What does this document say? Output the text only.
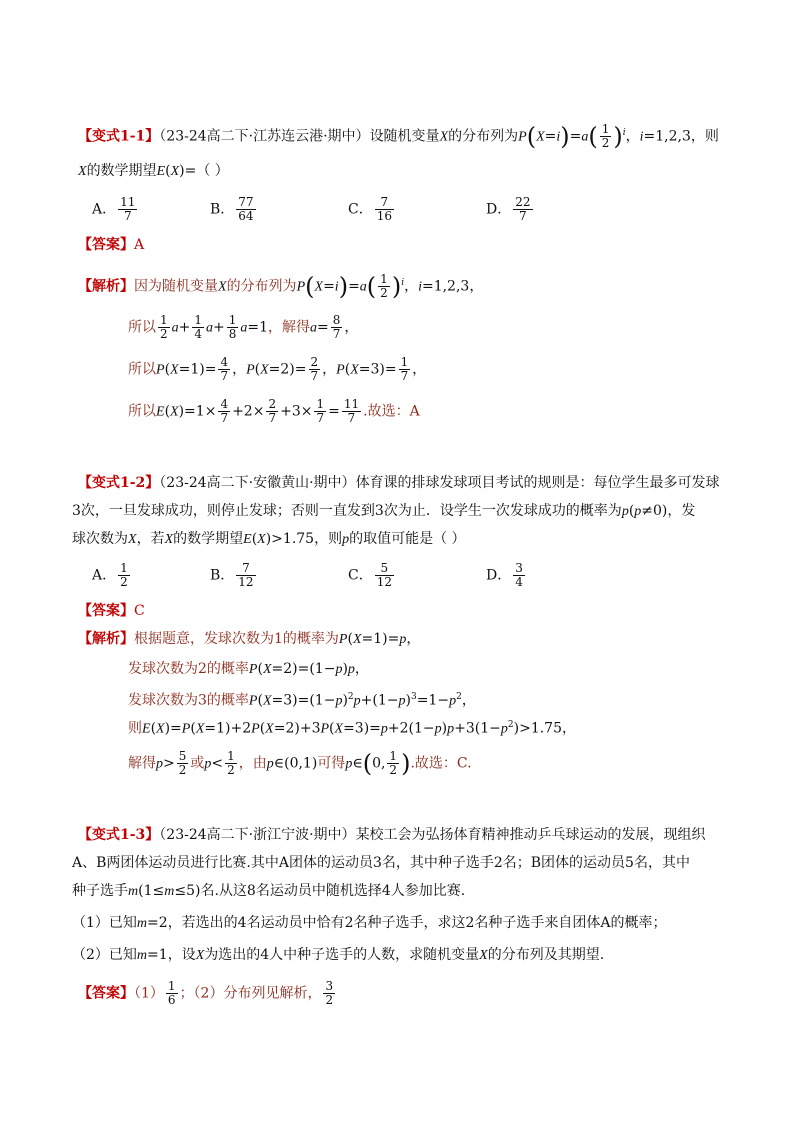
【变式1-1】（23-24高二下·江苏连云港·期中）设随机变量X的分布列为$P(X=i)=a( \frac{1}{2} )^i$，i=1,2,3，则
X的数学期望E(X)=（ ）
A． $\frac{11}{7}$	B． $\frac{77}{64}$	C． $\frac{7}{16}$	D． $\frac{22}{7}$
【答案】A
【解析】因为随机变量X的分布列为$P(X=i)=a( \frac{1}{2} )^i$，i=1,2,3，
所以 $\frac{1}{2} a+ \frac{1}{4} a+ \frac{1}{8} a=1$，解得$a= \frac{8}{7}$ ，
所以$P(X=1)= \frac{4}{7}$ ，$P(X=2)= \frac{2}{7}$ ，$P(X=3)= \frac{1}{7}$ ，
所以$E(X)=1\times \frac{4}{7} +2\times \frac{2}{7} +3\times \frac{1}{7} = \frac{11}{7}$ .故选：A
【变式1-2】（23-24高二下·安徽黄山·期中）体育课的排球发球项目考试的规则是：每位学生最多可发球
3次，一旦发球成功，则停止发球；否则一直发到3次为止．设学生一次发球成功的概率为p(p≠0)，发
球次数为X，若X的数学期望E(X)>1.75，则p的取值可能是（ ）
A． $\frac{1}{2}$	B． $\frac{7}{12}$	C． $\frac{5}{12}$	D． $\frac{3}{4}$
【答案】C
【解析】根据题意，发球次数为1的概率为P(X=1)=p，
发球次数为2的概率P(X=2)=(1−p)p，
发球次数为3的概率$P(X=3)=(1-p)^2p+(1-p)^3=1-p^2$，
则$E(X)=P(X=1)+2P(X=2)+3P(X=3)=p+2(1-p)p+3(1-p^2)>1.75$，
解得$p> \frac{5}{2}$ 或$p< \frac{1}{2}$ ，由p∈(0,1)可得p∈(0, $\frac{1}{2}$ ).故选：C.
【变式1-3】（23-24高二下·浙江宁波·期中）某校工会为弘扬体育精神推动乒乓球运动的发展，现组织
A、B两团体运动员进行比赛.其中A团体的运动员3名，其中种子选手2名；B团体的运动员5名，其中
种子选手m(1≤m≤5)名.从这8名运动员中随机选择4人参加比赛.
（1）已知m=2，若选出的4名运动员中恰有2名种子选手，求这2名种子选手来自团体A的概率；
（2）已知m=1，设X为选出的4人中种子选手的人数，求随机变量X的分布列及其期望.
【答案】$(1) \frac{1}{6}$ ；（2）分布列见解析， $\frac{3}{2}$
